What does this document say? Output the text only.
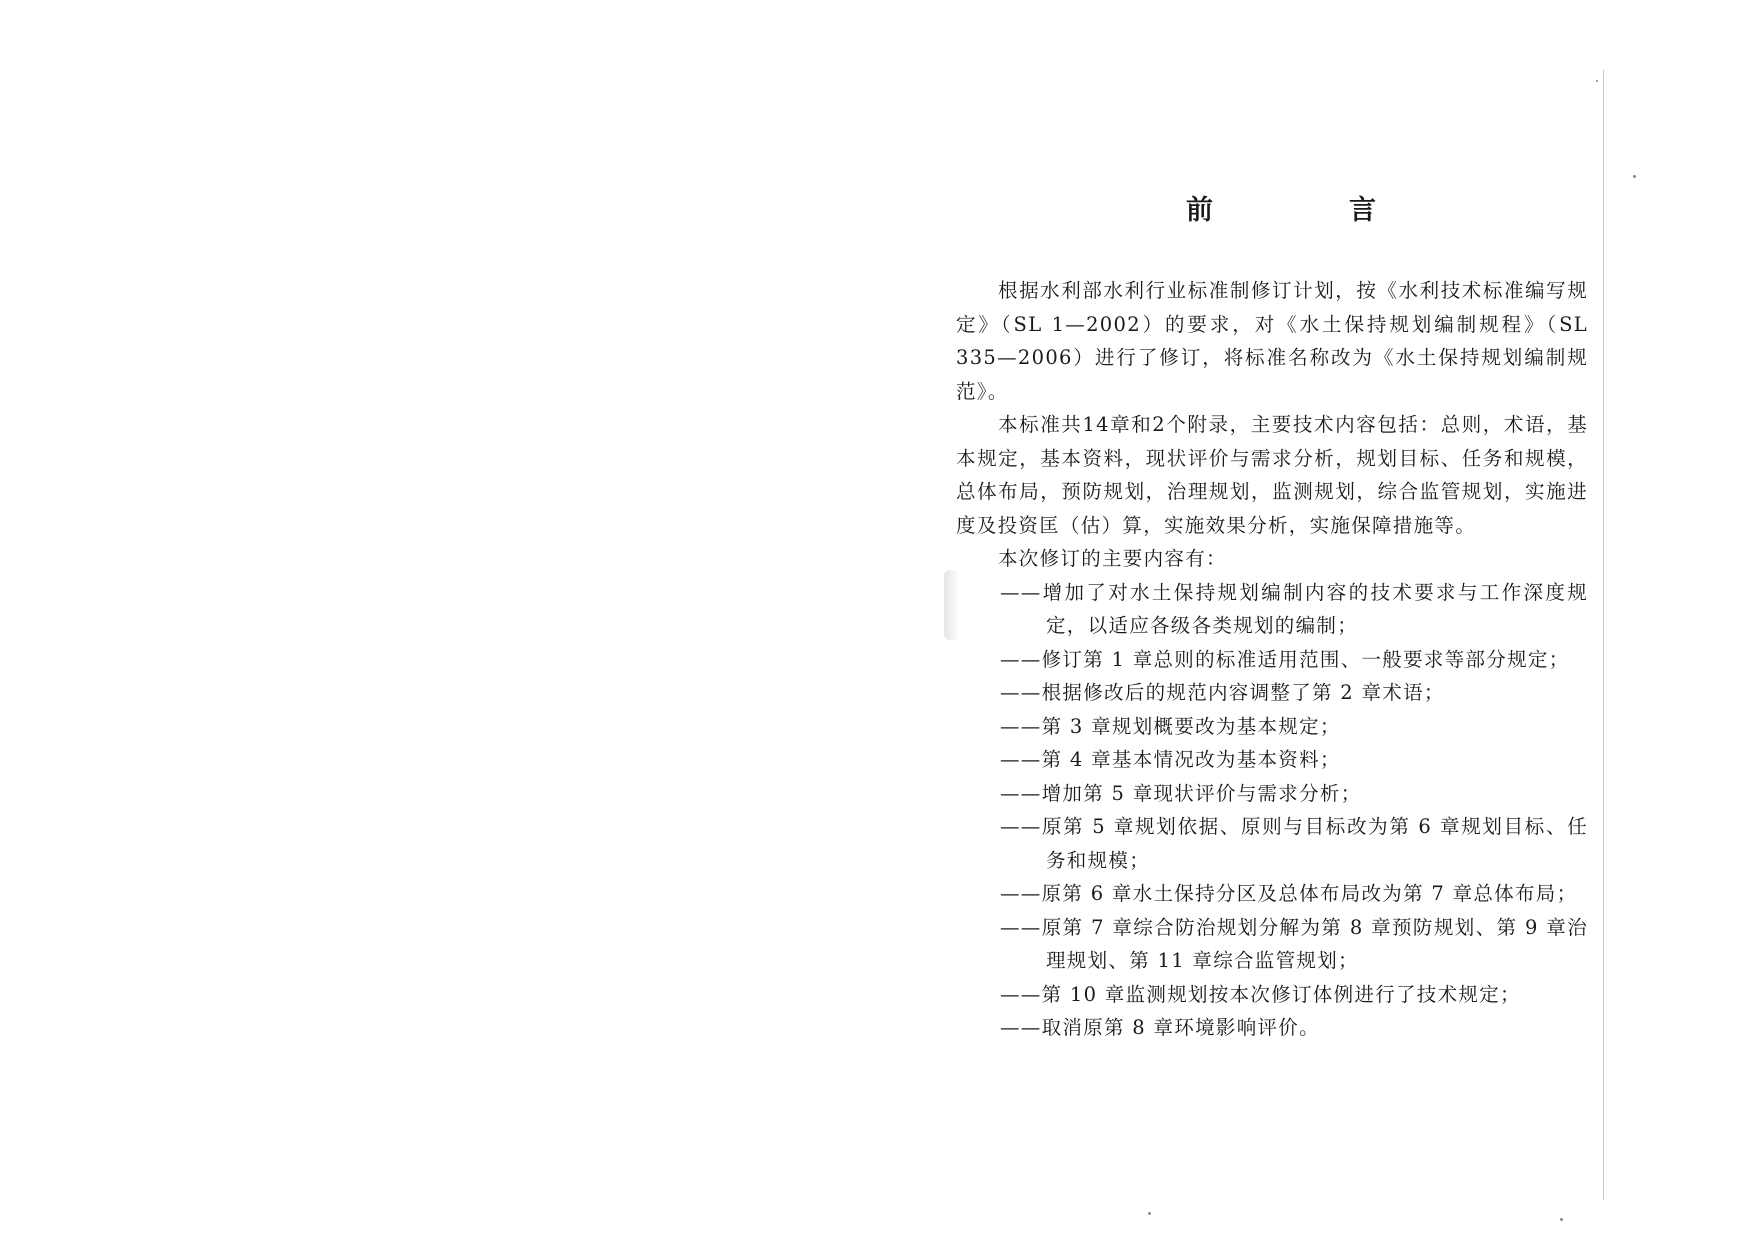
前	言

根据水利部水利行业标准制修订计划，按《水利技术标准编写规定》（SL 1—2002）的要求，对《水土保持规划编制规程》（SL 335—2006）进行了修订，将标准名称改为《水土保持规划编制规范》。

本标准共14章和2个附录，主要技术内容包括：总则，术语，基本规定，基本资料，现状评价与需求分析，规划目标、任务和规模，总体布局，预防规划，治理规划，监测规划，综合监管规划，实施进度及投资匡（估）算，实施效果分析，实施保障措施等。

本次修订的主要内容有：

——增加了对水土保持规划编制内容的技术要求与工作深度规定，以适应各级各类规划的编制；
——修订第 1 章总则的标准适用范围、一般要求等部分规定；
——根据修改后的规范内容调整了第 2 章术语；
——第 3 章规划概要改为基本规定；
——第 4 章基本情况改为基本资料；
——增加第 5 章现状评价与需求分析；
——原第 5 章规划依据、原则与目标改为第 6 章规划目标、任务和规模；
——原第 6 章水土保持分区及总体布局改为第 7 章总体布局；
——原第 7 章综合防治规划分解为第 8 章预防规划、第 9 章治理规划、第 11 章综合监管规划；
——第 10 章监测规划按本次修订体例进行了技术规定；
——取消原第 8 章环境影响评价。
